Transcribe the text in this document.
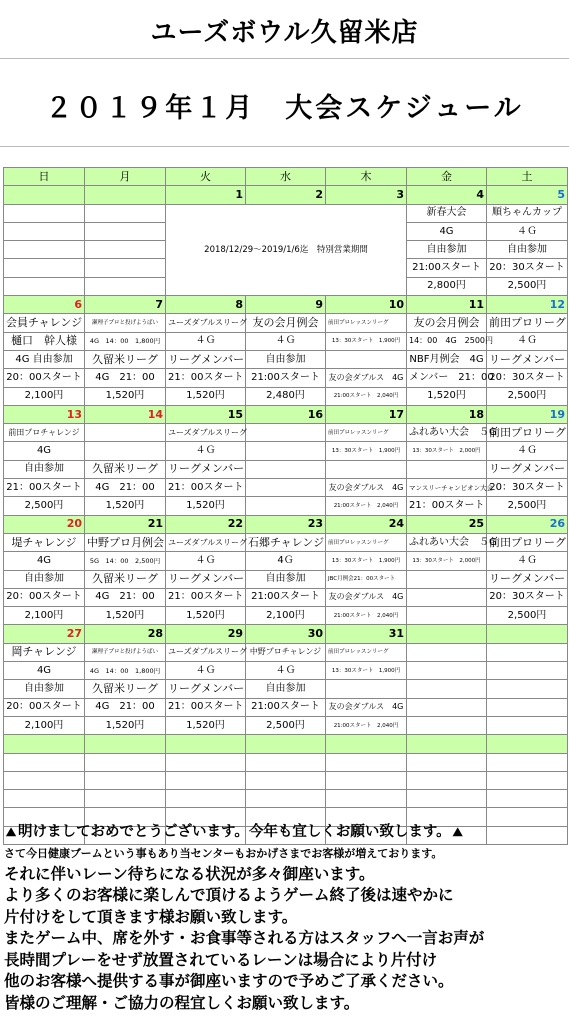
ユーズボウル久留米店
２０１９年１月　大会スケジュール
日	月	火	水	木	金	土
		1	2	3	4	5
		2018/12/29～2019/1/6迄　特別営業期間			新春大会	順ちゃんカップ
					4G	４Ｇ
					自由参加	自由参加
					21:00スタート	20：30スタート
					2,800円	2,500円
6	7	8	9	10	11	12
会員チャレンジ	瀬理子プロと投げようばい	ユーズダブルスリーグ	友の会月例会	前田プロレッスンリーグ	友の会月例会	前田プロリーグ
樋口　幹人様	4G　14：00　1,800円	４Ｇ	４Ｇ	13：30スタート　1,900円	14：00　4G　2500円	４Ｇ
4G 自由参加	久留米リーグ	リーグメンバー	自由参加		NBF月例会　4G	リーグメンバー
20：00スタート	4G　21：00	21：00スタート	21:00スタート	友の会ダブルス　4G	メンバー　21：00	20：30スタート
2,100円	1,520円	1,520円	2,480円	21:00スタート　2,040円	1,520円	2,500円
13	14	15	16	17	18	19
前田プロチャレンジ		ユーズダブルスリーグ		前田プロレッスンリーグ	ふれあい大会　５G	前田プロリーグ
4G		４Ｇ		13：30スタート　1,900円	13：30スタート　2,000円	４Ｇ
自由参加	久留米リーグ	リーグメンバー				リーグメンバー
21：00スタート	4G　21：00	21：00スタート		友の会ダブルス　4G	マンスリーチャンピオン大会	20：30スタート
2,500円	1,520円	1,520円		21:00スタート　2,040円	21：00スタート	2,500円
20	21	22	23	24	25	26
堤チャレンジ	中野プロ月例会	ユーズダブルスリーグ	石郷チャレンジ	前田プロレッスンリーグ	ふれあい大会　５G	前田プロリーグ
4G	5G　14：00　2,500円	４Ｇ	4Ｇ	13：30スタート　1,900円	13：30スタート　2,000円	４Ｇ
自由参加	久留米リーグ	リーグメンバー	自由参加	JBC月例会21：00スタート		リーグメンバー
20：00スタート	4G　21：00	21：00スタート	21:00スタート	友の会ダブルス　4G		20：30スタート
2,100円	1,520円	1,520円	2,100円	21:00スタート　2,040円		2,500円
27	28	29	30	31		
岡チャレンジ	瀬理子プロと投げようばい	ユーズダブルスリーグ	中野プロチャレンジ	前田プロレッスンリーグ		
4G	4G　14：00　1,800円	４Ｇ	４Ｇ	13：30スタート　1,900円		
自由参加	久留米リーグ	リーグメンバー	自由参加			
20：00スタート	4G　21：00	21：00スタート	21:00スタート	友の会ダブルス　4G		
2,100円	1,520円	1,520円	2,500円	21:00スタート　2,040円		

⛰ 明けましておめでとうございます。今年も宜しくお願い致します。 ⛰
さて今日健康ブームという事もあり当センターもおかげさまでお客様が増えております。
それに伴いレーン待ちになる状況が多々御座います。
より多くのお客様に楽しんで頂けるようゲーム終了後は速やかに
片付けをして頂きます様お願い致します。
またゲーム中、席を外す・お食事等される方はスタッフへ一言お声が
長時間プレーをせず放置されているレーンは場合により片付け
他のお客様へ提供する事が御座いますので予めご了承ください。
皆様のご理解・ご協力の程宜しくお願い致します。
